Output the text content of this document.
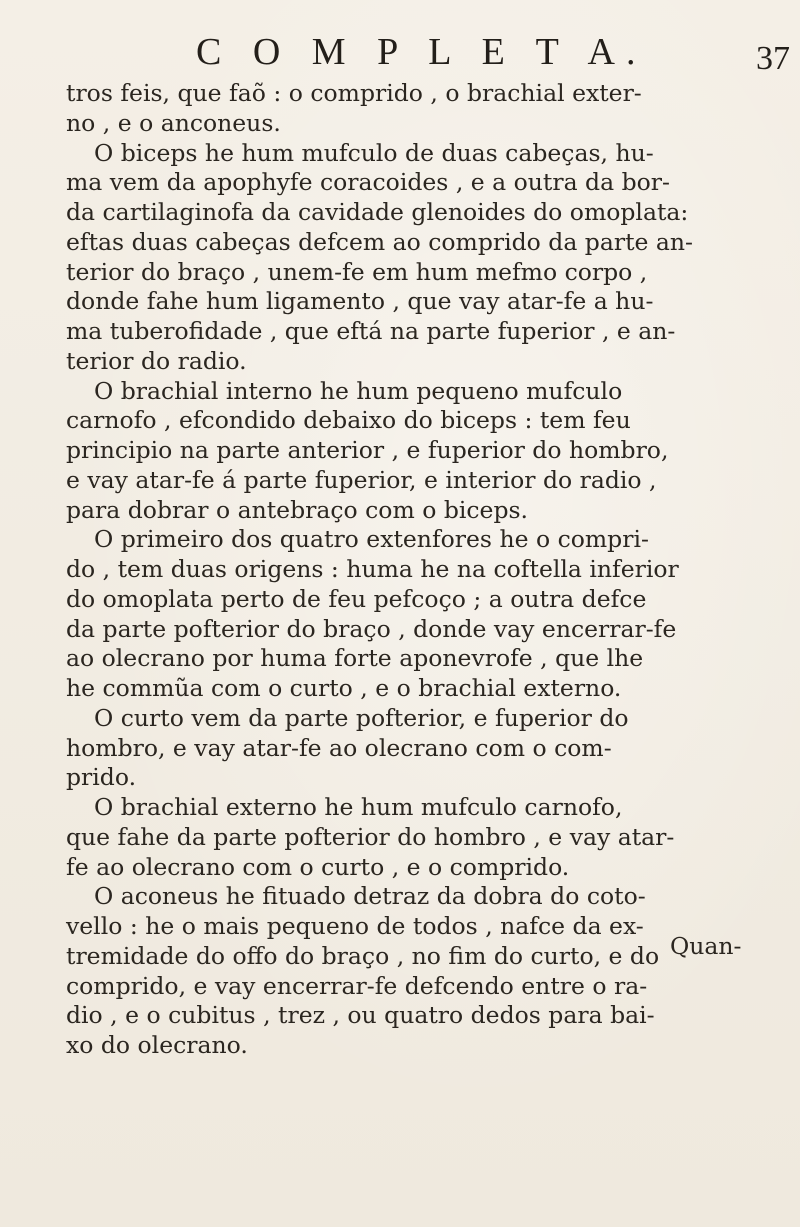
C O M P L E T A.	37
tros feis, que faõ : o comprido , o brachial exter-
no , e o anconeus.
O biceps he hum mufculo de duas cabeças, hu-
ma vem da apophyfe coracoides , e a outra da bor-
da cartilaginofa da cavidade glenoides do omoplata:
eftas duas cabeças defcem ao comprido da parte an-
terior do braço , unem-fe em hum mefmo corpo ,
donde fahe hum ligamento , que vay atar-fe a hu-
ma tuberofidade , que eftá na parte fuperior , e an-
terior do radio.
O brachial interno he hum pequeno mufculo
carnofo , efcondido debaixo do biceps : tem feu
principio na parte anterior , e fuperior do hombro,
e vay atar-fe á parte fuperior, e interior do radio ,
para dobrar o antebraço com o biceps.
O primeiro dos quatro extenfores he o compri-
do , tem duas origens : huma he na coftella inferior
do omoplata perto de feu pefcoço ; a outra defce
da parte pofterior do braço , donde vay encerrar-fe
ao olecrano por huma forte aponevrofe , que lhe
he commũa com o curto , e o brachial externo.
O curto vem da parte pofterior, e fuperior do
hombro, e vay atar-fe ao olecrano com o com-
prido.
O brachial externo he hum mufculo carnofo,
que fahe da parte pofterior do hombro , e vay atar-
fe ao olecrano com o curto , e o comprido.
O aconeus he fituado detraz da dobra do coto-
vello : he o mais pequeno de todos , nafce da ex-
tremidade do offo do braço , no fim do curto, e do
comprido, e vay encerrar-fe defcendo entre o ra-
dio , e o cubitus , trez , ou quatro dedos para bai-
xo do olecrano.
Quan-
